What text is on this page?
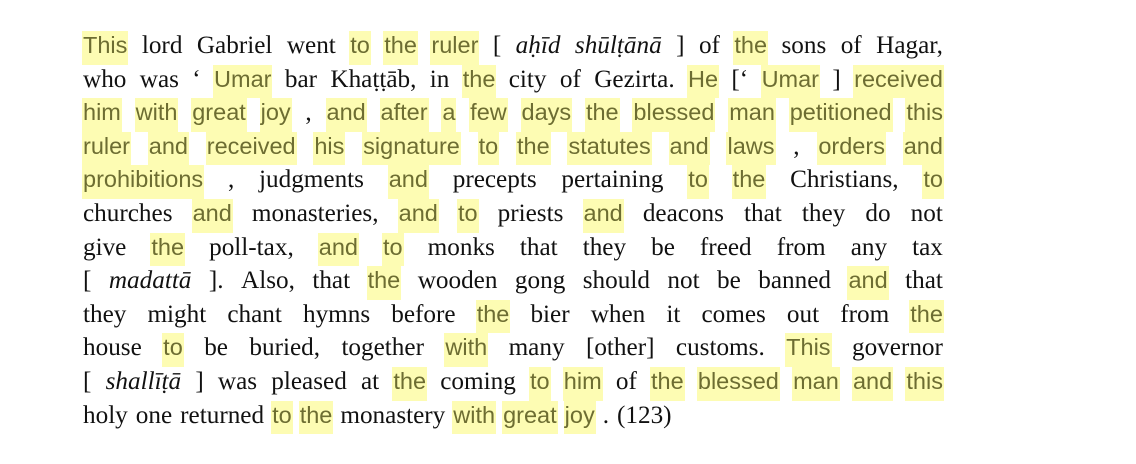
This lord Gabriel went to the ruler [ aḥīd shūlṭānā ] of the sons of Hagar,
who was ‘ Umar bar Khaṭṭāb, in the city of Gezirta. He [‘ Umar ] received
him with great joy , and after a few days the blessed man petitioned this
ruler and received his signature to the statutes and laws , orders and
prohibitions , judgments and precepts pertaining to the Christians, to
churches and monasteries, and to priests and deacons that they do not
give the poll-tax, and to monks that they be freed from any tax
[ madattā ]. Also, that the wooden gong should not be banned and that
they might chant hymns before the bier when it comes out from the
house to be buried, together with many [other] customs. This governor
[ shallīṭā ] was pleased at the coming to him of the blessed man and this
holy one returned to the monastery with great joy . (123)
